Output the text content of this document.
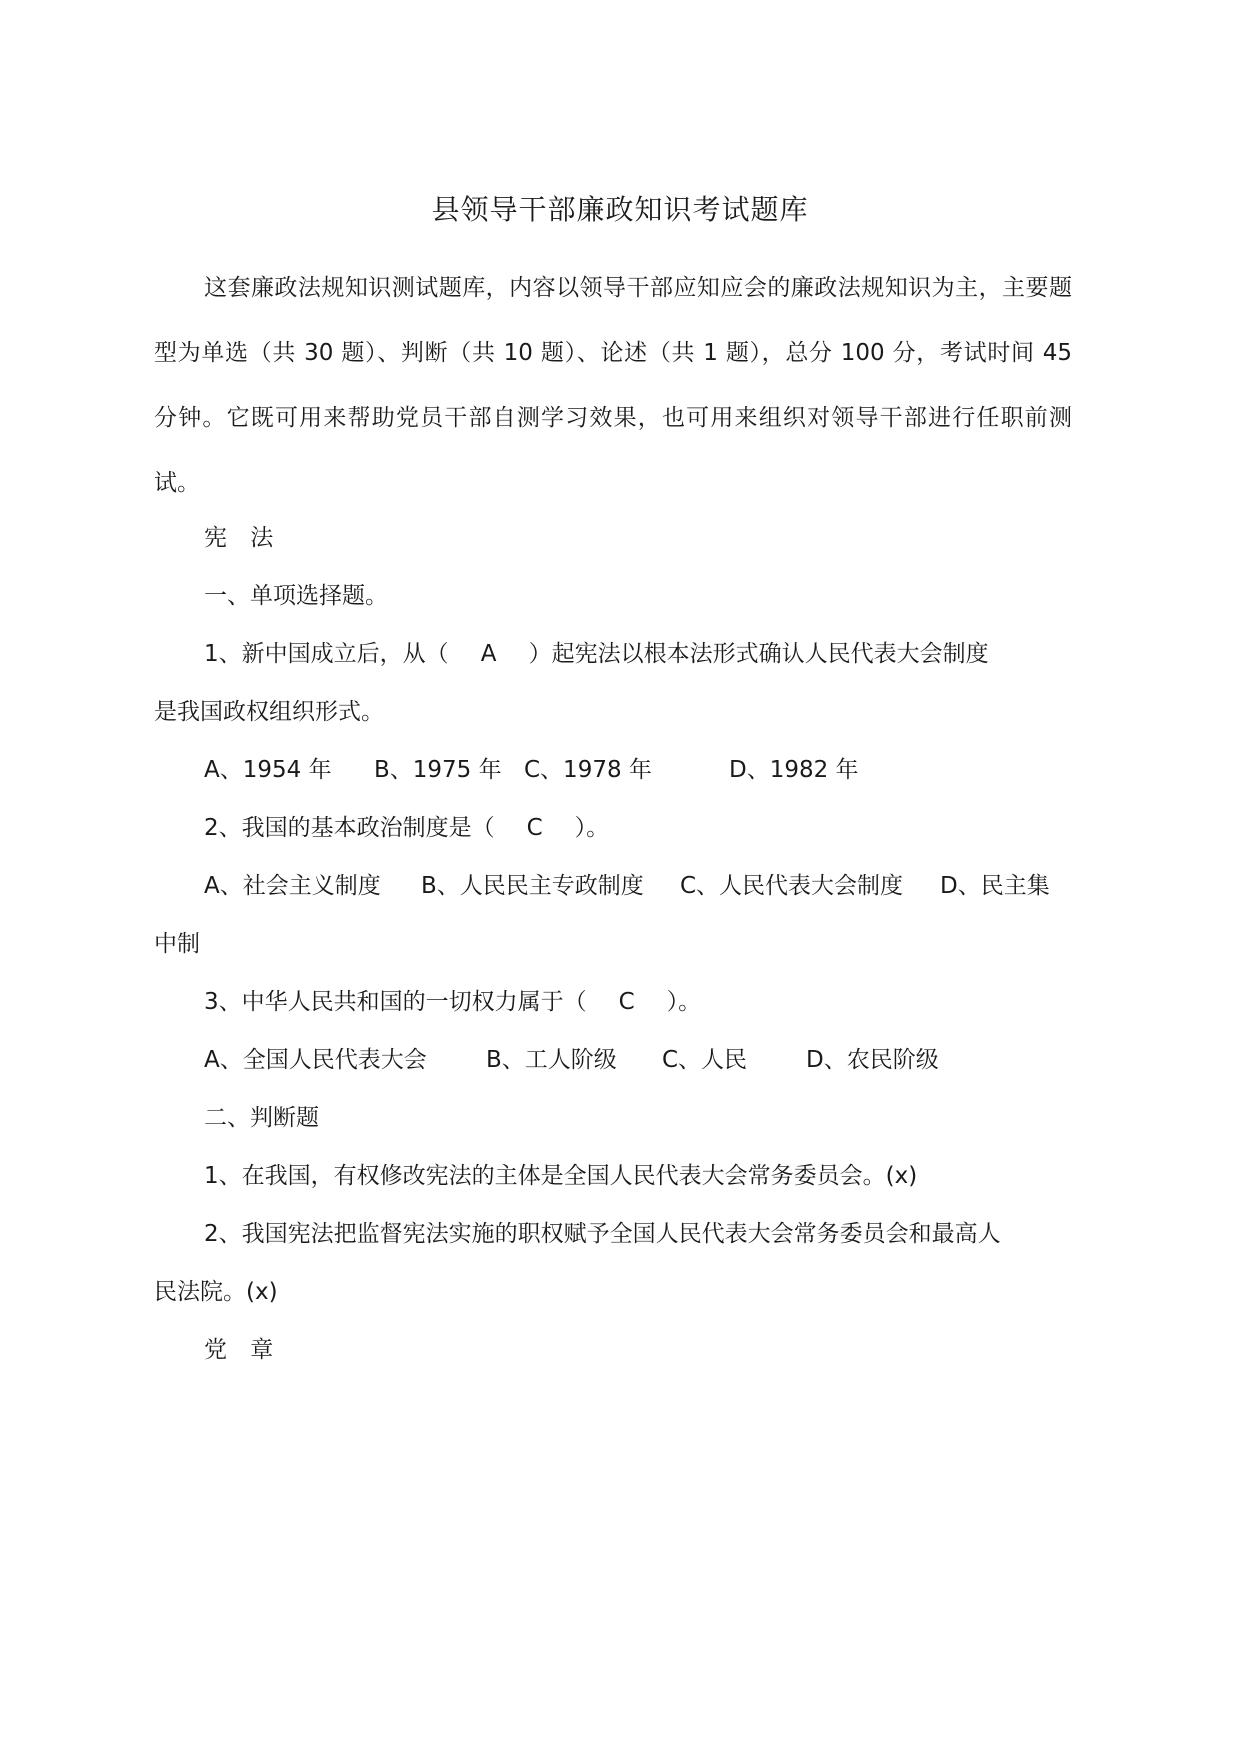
县领导干部廉政知识考试题库

这套廉政法规知识测试题库，内容以领导干部应知应会的廉政法规知识为主，主要题型为单选（共 30 题）、判断（共 10 题）、论述（共 1 题），总分 100 分，考试时间 45 分钟。它既可用来帮助党员干部自测学习效果，也可用来组织对领导干部进行任职前测试。

宪 法
一、单项选择题。
1、新中国成立后，从（ A ）起宪法以根本法形式确认人民代表大会制度
是我国政权组织形式。
A、1954 年 B、1975 年 C、1978 年	D、1982 年
2、我国的基本政治制度是（ C ）。
A、社会主义制度 B、人民民主专政制度 C、人民代表大会制度 D、民主集
中制
3、中华人民共和国的一切权力属于（ C ）。
A、全国人民代表大会	B、工人阶级 C、人民	D、农民阶级
二、判断题
1、在我国，有权修改宪法的主体是全国人民代表大会常务委员会。(x)
2、我国宪法把监督宪法实施的职权赋予全国人民代表大会常务委员会和最高人
民法院。(x)
党 章
